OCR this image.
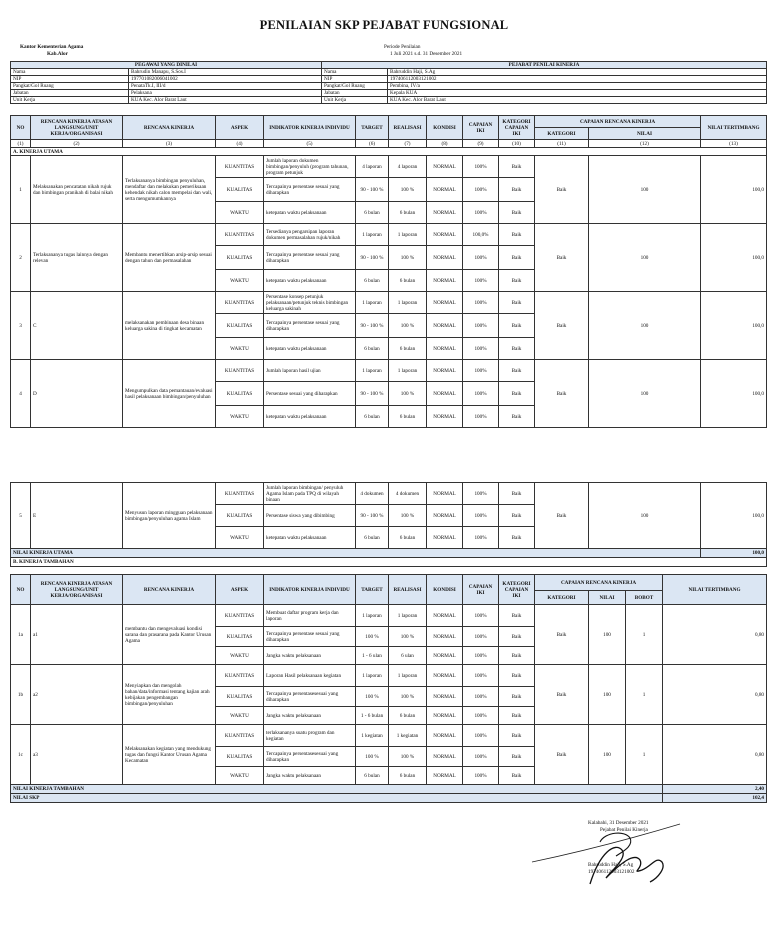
PENILAIAN SKP PEJABAT FUNGSIONAL
Kantor Kementerian Agama
Kab.Alor
Periode Penilaian
1 Juli 2021 s.d. 31 Desember 2021
PEGAWAI YANG DINILAI		PEJABAT PENILAI KINERJA	
Nama	Bahrudin Manapu, S.Sos.I	Nama	Bahruddin Haji, S.Ag
NIP	197701082006041002	NIP	197406112003121002
Pangkat/Gol Ruang	PenataTk.I, III/d	Pangkat/Gol Ruang	Pembina, IV/a
Jabatan	Pelaksana	Jabatan	Kepala KUA
Unit Kerja	KUA Kec. Alor Barat Laut	Unit Kerja	KUA Kec. Alor Barat Laut
NO	RENCANA KINERJA ATASAN LANGSUNG/UNIT KERJA/ORGANISASI	RENCANA KINERJA	ASPEK	INDIKATOR KINERJA INDIVIDU	TARGET	REALISASI	KONDISI	CAPAIAN IKI	KATEGORI CAPAIAN IKI	CAPAIAN RENCANA KINERJA		NILAI TERTIMBANG
										KATEGORI	NILAI	
(1)	(2)	(3)	(4)	(5)	(6)	(7)	(8)	(9)	(10)	(11)	(12)	(13)
A. KINERJA UTAMA												
1	Melaksanakan pencatatan nikah rujuk dan bimbingan pranikah di balai nikah	Terlaksananya bimbingan penyuluhan, mendaftar dan melakukan pemeriksaan kehendak nikah calon mempelai dan wali, serta mengumumkannya	KUANTITAS	Jumlah laporan dokumen bimbingan/penyuluh (program tahunan, program petunjuk	4 laporan	4 laporan	NORMAL	100%	Baik	Baik	100	100,0
			KUALITAS	Tercapainya persentase sesuai yang diharapkan	90 - 100 %	100 %	NORMAL	100%	Baik			
			WAKTU	ketepatan waktu pelaksanaan	6 bulan	6 bulan	NORMAL	100%	Baik			
2	Terlaksananya tugas lainnya dengan relevan	Membantu menertibkan arsip-arsip sesuai dengan tahun dan permasalahan	KUANTITAS	Tersedianya pengarsipan laporan dokumen permasalahan rujuk/nikah	1 laporan	1 laporan	NORMAL	100,0%	Baik	Baik	100	100,0
			KUALITAS	Tercapainya persentase sesuai yang diharapkan	90 - 100 %	100 %	NORMAL	100%	Baik			
			WAKTU	ketepatan waktu pelaksanaan	6 bulan	6 bulan	NORMAL	100%	Baik			
3	C	melaksanakan pembinaan desa binaan keluarga sakina di tingkat kecamatan	KUANTITAS	Persentase konsep petunjuk pelaksanaan/petunjuk teknis bimbingan keluarga sakinah	1 laporan	1 laporan	NORMAL	100%	Baik	Baik	100	100,0
			KUALITAS	Tercapainya persentase sesuai yang diharapkan	90 - 100 %	100 %	NORMAL	100%	Baik			
			WAKTU	ketepatan waktu pelaksanaan	6 bulan	6 bulan	NORMAL	100%	Baik			
4	D	Mengumpulkan data pemantauan/evaluasi hasil pelaksanaan bimbingan/penyuluhan	KUANTITAS	Jumlah laporan hasil ujian	1 laporan	1 laporan	NORMAL	100%	Baik	Baik	100	100,0
			KUALITAS	Persentase sesuai yang diharapkan	90 - 100 %	100 %	NORMAL	100%	Baik			
			WAKTU	ketepatan waktu pelaksanaan	6 bulan	6 bulan	NORMAL	100%	Baik			
5	E	Menyusun laporan mingguan pelaksanaan bimbingan/penyuluhan agama Islam	KUANTITAS	Jumlah laporan bimbingan/ penyuluh Agama Islam pada TPQ di wilayah binaan	4 dokumen	4 dokumen	NORMAL	100%	Baik	Baik	100	100,0
			KUALITAS	Persentase siswa yang dibimbing	90 - 100 %	100 %	NORMAL	100%	Baik			
			WAKTU	ketepatan waktu pelaksanaan	6 bulan	6 bulan	NORMAL	100%	Baik			
NILAI KINERJA UTAMA												100,0
B. KINERJA TAMBAHAN												
NO	RENCANA KINERJA ATASAN LANGSUNG/UNIT KERJA/ORGANISASI	RENCANA KINERJA	ASPEK	INDIKATOR KINERJA INDIVIDU	TARGET	REALISASI	KONDISI	CAPAIAN IKI	KATEGORI CAPAIAN IKI	CAPAIAN RENCANA KINERJA			NILAI TERTIMBANG
										KATEGORI	NILAI	BOBOT	
1a	a1	membantu dan mengevaluasi kondisi sarana dan prasarana pada Kantor Urusan Agama	KUANTITAS	Membuat daftar program kerja dan laporan	1 laporan	1 laporan	NORMAL	100%	Baik	Baik	100	1	0,80
			KUALITAS	Tercapainya persentase sesuai yang diharapkan	100 %	100 %	NORMAL	100%	Baik				
			WAKTU	Jangka waktu pelaksanaan	1 - 6 ulan	6 ulan	NORMAL	100%	Baik				
1b	a2	Menyiapkan dan mengolah bahan/data/informasi tentang kajian arah kebijakan pengembangan bimbingan/penyuluhan	KUANTITAS	Laporan Hasil pelaksanaan kegiatan	1 laporan	1 laporan	NORMAL	100%	Baik	Baik	100	1	0,80
			KUALITAS	Tercapainya persentasesesuai yang diharapkan	100 %	100 %	NORMAL	100%	Baik				
			WAKTU	Jangka waktu pelaksanaan	1 - 6 bulan	6 bulan	NORMAL	100%	Baik				
1c	a3	Melaksanakan kegiatan yang mendukung tugas dan fungsi Kantor Urusan Agama Kecamatan	KUANTITAS	terlaksananya suatu program dan kegiatan	1 kegiatan	1 kegiatan	NORMAL	100%	Baik	Baik	100	1	0,80
			KUALITAS	Tercapainya persentasesesuai yang diharapkan	100 %	100 %	NORMAL	100%	Baik				
			WAKTU	Jangka waktu pelaksanaan	6 bulan	6 bulan	NORMAL	100%	Baik				
NILAI KINERJA TAMBAHAN													2,40
NILAI SKP													102,4
Kalabahi, 31 Desember 2021
Pejabat Penilai Kinerja
Bahruddin Haji, S.Ag
197406112003121002
